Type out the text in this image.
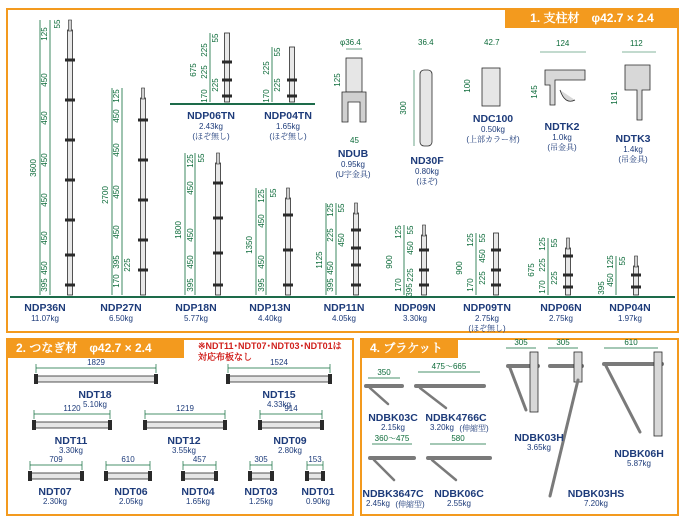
1. 支柱材　φ42.7 × 2.4
125
55
450
450
450
3600
450
450
450
395
125
450
450
2700 450
450
170
225
395
125 55
450
1800 450
450
395
125 55
450
1350
450
395
125 55
225
1125
450
450
395
125 55
900
450
170
225
395
125 55
900
450
170
225
125 55
675 225
170
225
125 55
450
395
675
225
55
225
170
225
55
225
170
225
φ36.4
125
45
36.4
300
42.7
100
124
145
112
181
NDP36N
11.07kg
NDP27N
6.50kg
NDP18N
5.77kg
NDP13N
4.40kg
NDP11N
4.05kg
NDP09N
3.30kg
NDP09TN
2.75kg
(ほぞ無し)
NDP06N
2.75kg
NDP04N
1.97kg
NDP06TN
2.43kg
(ほぞ無し)
NDP04TN
1.65kg
(ほぞ無し)
NDUB
0.95kg
(U字金具)
ND30F
0.80kg
(ほぞ)
NDC100
0.50kg
(上部カラー材)
NDTK2
1.0kg
(吊金具)
NDTK3
1.4kg
(吊金具)
2. つなぎ材　φ42.7 × 2.4	※NDT11･NDT07･NDT03･NDT01は 対応布板なし
1829	1524
1120	1219	914
709	610	457	305	153
NDT18
5.10kg
NDT15
4.33kg
NDT11
3.30kg
NDT12
3.55kg
NDT09
2.80kg
NDT07
2.30kg
NDT06
2.05kg
NDT04
1.65kg
NDT03
1.25kg
NDT01
0.90kg
4. ブラケット
350
475～665
360～475	580
305	305	610
NDBK03C
2.15kg
NDBK4766C
3.20kg (伸縮型)
NDBK3647C
2.45kg (伸縮型)
NDBK06C
2.55kg
NDBK03H
3.65kg
NDBK03HS
7.20kg
NDBK06H
5.87kg
